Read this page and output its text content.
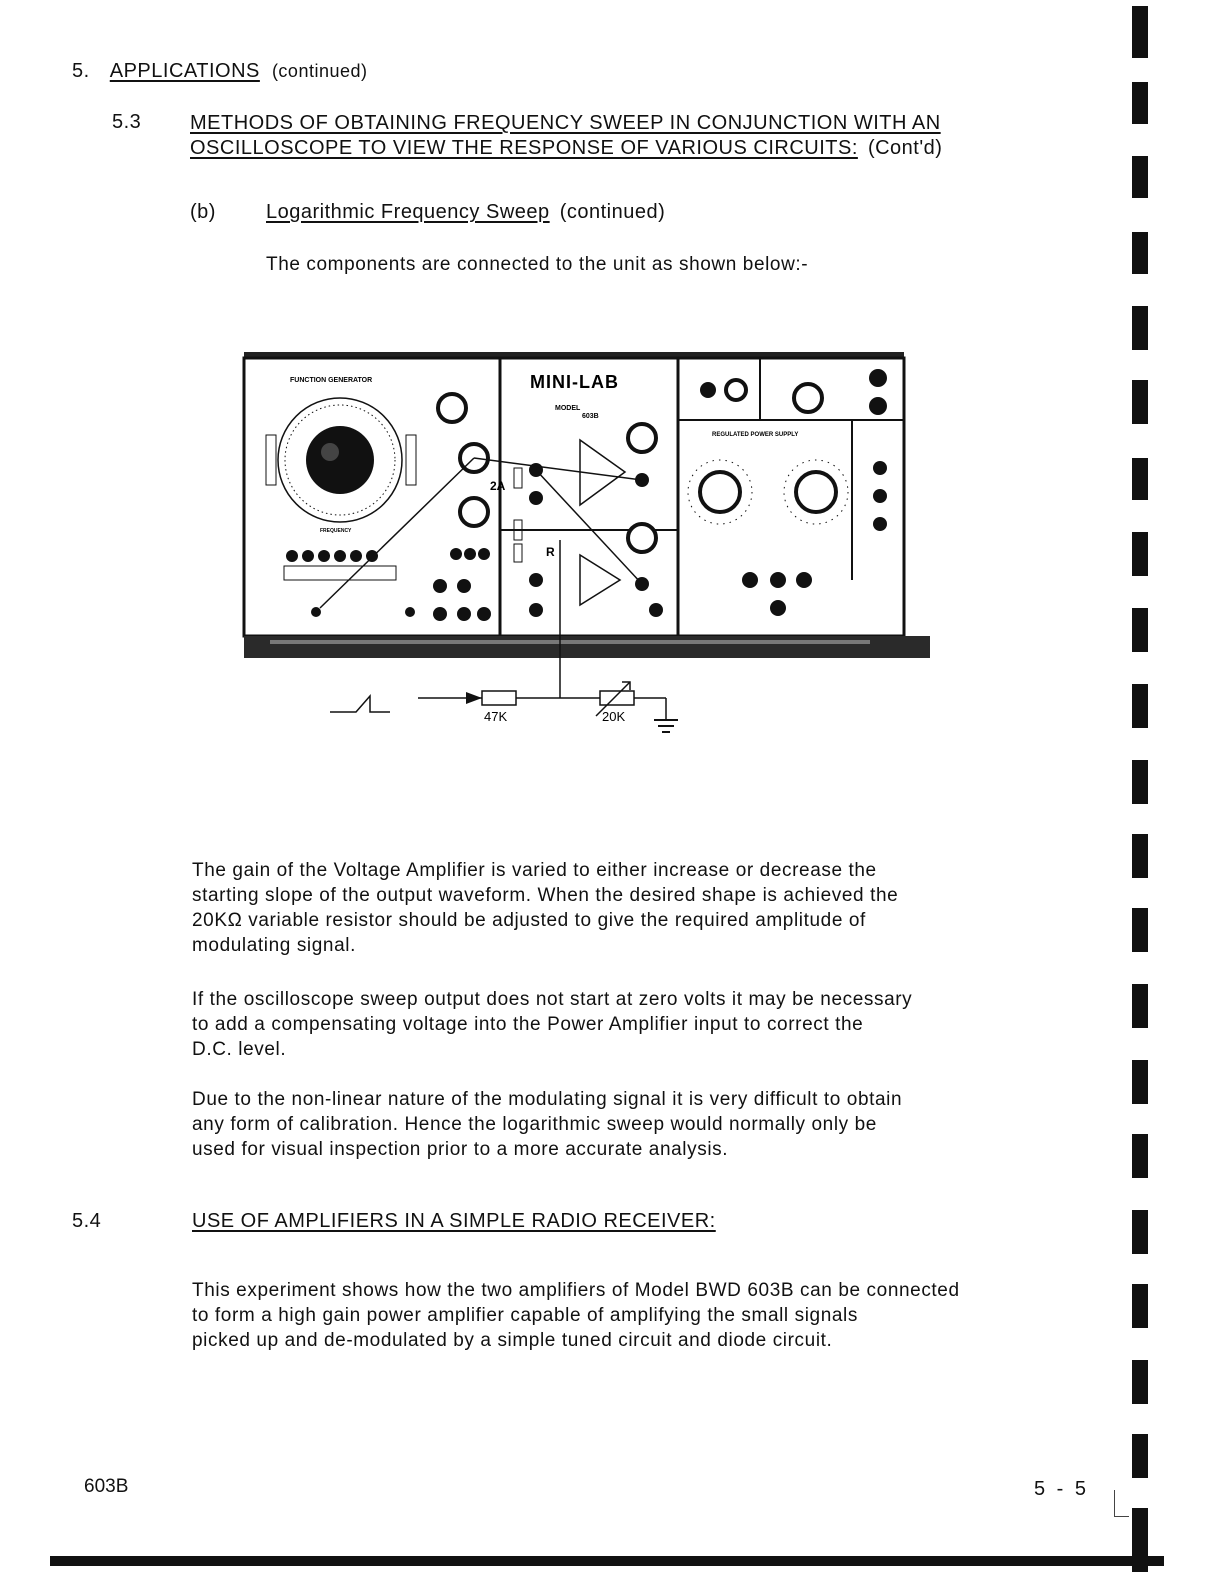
5. APPLICATIONS (continued)
5.3 METHODS OF OBTAINING FREQUENCY SWEEP IN CONJUNCTION WITH AN
OSCILLOSCOPE TO VIEW THE RESPONSE OF VARIOUS CIRCUITS: (Cont'd)
(b)	Logarithmic Frequency Sweep (continued)
The components are connected to the unit as shown below:-
FUNCTION GENERATOR	MINI-LAB
MODEL
603B
REGULATED POWER SUPPLY
FREQUENCY
2A
R
47K	20K
The gain of the Voltage Amplifier is varied to either increase or decrease the
starting slope of the output waveform. When the desired shape is achieved the
20KΩ variable resistor should be adjusted to give the required amplitude of
modulating signal.
If the oscilloscope sweep output does not start at zero volts it may be necessary
to add a compensating voltage into the Power Amplifier input to correct the
D.C. level.
Due to the non-linear nature of the modulating signal it is very difficult to obtain
any form of calibration. Hence the logarithmic sweep would normally only be
used for visual inspection prior to a more accurate analysis.
5.4	USE OF AMPLIFIERS IN A SIMPLE RADIO RECEIVER:
This experiment shows how the two amplifiers of Model BWD 603B can be connected
to form a high gain power amplifier capable of amplifying the small signals
picked up and de-modulated by a simple tuned circuit and diode circuit.
603B	5 - 5
